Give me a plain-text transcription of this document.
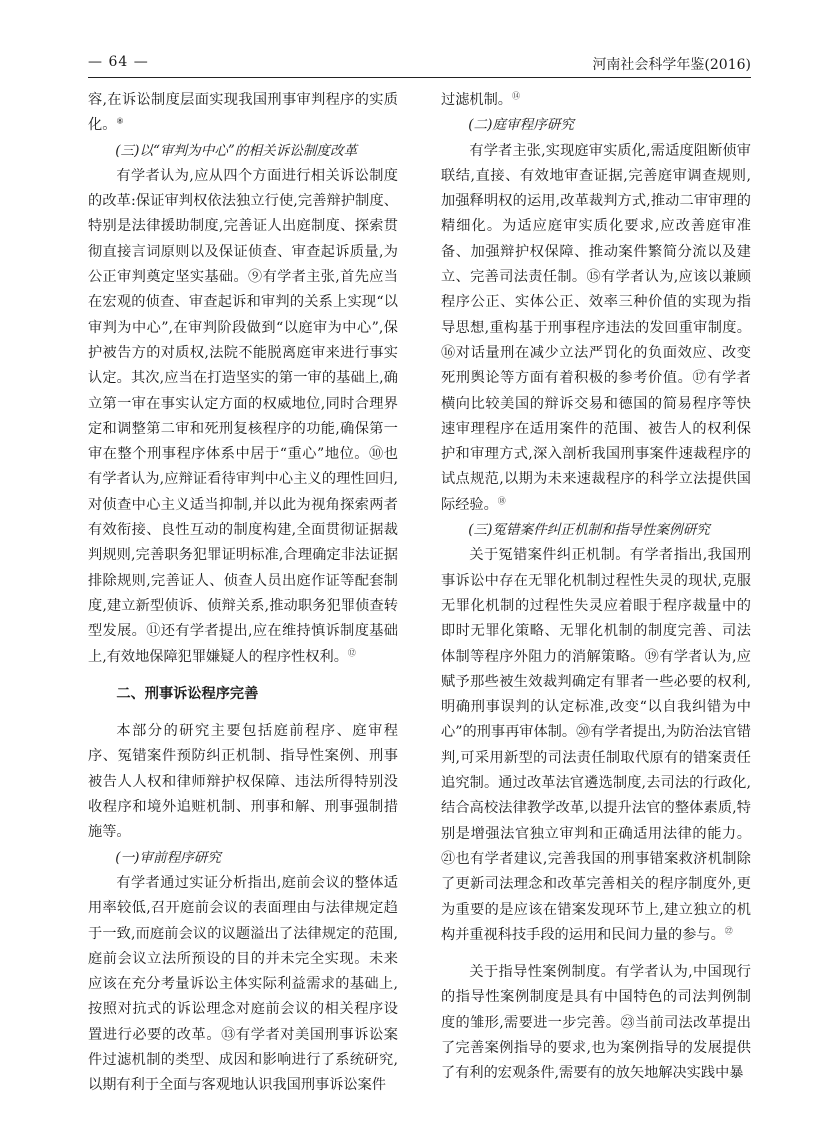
— 64 —	河南社会科学年鉴(2016)

容,在诉讼制度层面实现我国刑事审判程序的实质化。⑧

(三)以“审判为中心”的相关诉讼制度改革

有学者认为,应从四个方面进行相关诉讼制度的改革:保证审判权依法独立行使,完善辩护制度、特别是法律援助制度,完善证人出庭制度、探索贯彻直接言词原则以及保证侦查、审查起诉质量,为公正审判奠定坚实基础。⑨有学者主张,首先应当在宏观的侦查、审查起诉和审判的关系上实现“以审判为中心”,在审判阶段做到“以庭审为中心”,保护被告方的对质权,法院不能脱离庭审来进行事实认定。其次,应当在打造坚实的第一审的基础上,确立第一审在事实认定方面的权威地位,同时合理界定和调整第二审和死刑复核程序的功能,确保第一审在整个刑事程序体系中居于“重心”地位。⑩也有学者认为,应辩证看待审判中心主义的理性回归,对侦查中心主义适当抑制,并以此为视角探索两者有效衔接、良性互动的制度构建,全面贯彻证据裁判规则,完善职务犯罪证明标准,合理确定非法证据排除规则,完善证人、侦查人员出庭作证等配套制度,建立新型侦诉、侦辩关系,推动职务犯罪侦查转型发展。⑪还有学者提出,应在维持慎诉制度基础上,有效地保障犯罪嫌疑人的程序性权利。⑫

二、刑事诉讼程序完善

本部分的研究主要包括庭前程序、庭审程序、冤错案件预防纠正机制、指导性案例、刑事被告人人权和律师辩护权保障、违法所得特别没收程序和境外追赃机制、刑事和解、刑事强制措施等。

(一)审前程序研究

有学者通过实证分析指出,庭前会议的整体适用率较低,召开庭前会议的表面理由与法律规定趋于一致,而庭前会议的议题溢出了法律规定的范围,庭前会议立法所预设的目的并未完全实现。未来应该在充分考量诉讼主体实际利益需求的基础上,按照对抗式的诉讼理念对庭前会议的相关程序设置进行必要的改革。⑬有学者对美国刑事诉讼案件过滤机制的类型、成因和影响进行了系统研究,以期有利于全面与客观地认识我国刑事诉讼案件

过滤机制。⑭

(二)庭审程序研究

有学者主张,实现庭审实质化,需适度阻断侦审联结,直接、有效地审查证据,完善庭审调查规则,加强释明权的运用,改革裁判方式,推动二审审理的精细化。为适应庭审实质化要求,应改善庭审准备、加强辩护权保障、推动案件繁简分流以及建立、完善司法责任制。⑮有学者认为,应该以兼顾程序公正、实体公正、效率三种价值的实现为指导思想,重构基于刑事程序违法的发回重审制度。⑯对话量刑在减少立法严罚化的负面效应、改变死刑舆论等方面有着积极的参考价值。⑰有学者横向比较美国的辩诉交易和德国的简易程序等快速审理程序在适用案件的范围、被告人的权利保护和审理方式,深入剖析我国刑事案件速裁程序的试点规范,以期为未来速裁程序的科学立法提供国际经验。⑱

(三)冤错案件纠正机制和指导性案例研究

关于冤错案件纠正机制。有学者指出,我国刑事诉讼中存在无罪化机制过程性失灵的现状,克服无罪化机制的过程性失灵应着眼于程序裁量中的即时无罪化策略、无罪化机制的制度完善、司法体制等程序外阻力的消解策略。⑲有学者认为,应赋予那些被生效裁判确定有罪者一些必要的权利,明确刑事误判的认定标准,改变“以自我纠错为中心”的刑事再审体制。⑳有学者提出,为防治法官错判,可采用新型的司法责任制取代原有的错案责任追究制。通过改革法官遴选制度,去司法的行政化,结合高校法律教学改革,以提升法官的整体素质,特别是增强法官独立审判和正确适用法律的能力。㉑也有学者建议,完善我国的刑事错案救济机制除了更新司法理念和改革完善相关的程序制度外,更为重要的是应该在错案发现环节上,建立独立的机构并重视科技手段的运用和民间力量的参与。$^㉒$

关于指导性案例制度。有学者认为,中国现行的指导性案例制度是具有中国特色的司法判例制度的雏形,需要进一步完善。㉓当前司法改革提出了完善案例指导的要求,也为案例指导的发展提供了有利的宏观条件,需要有的放矢地解决实践中暴
